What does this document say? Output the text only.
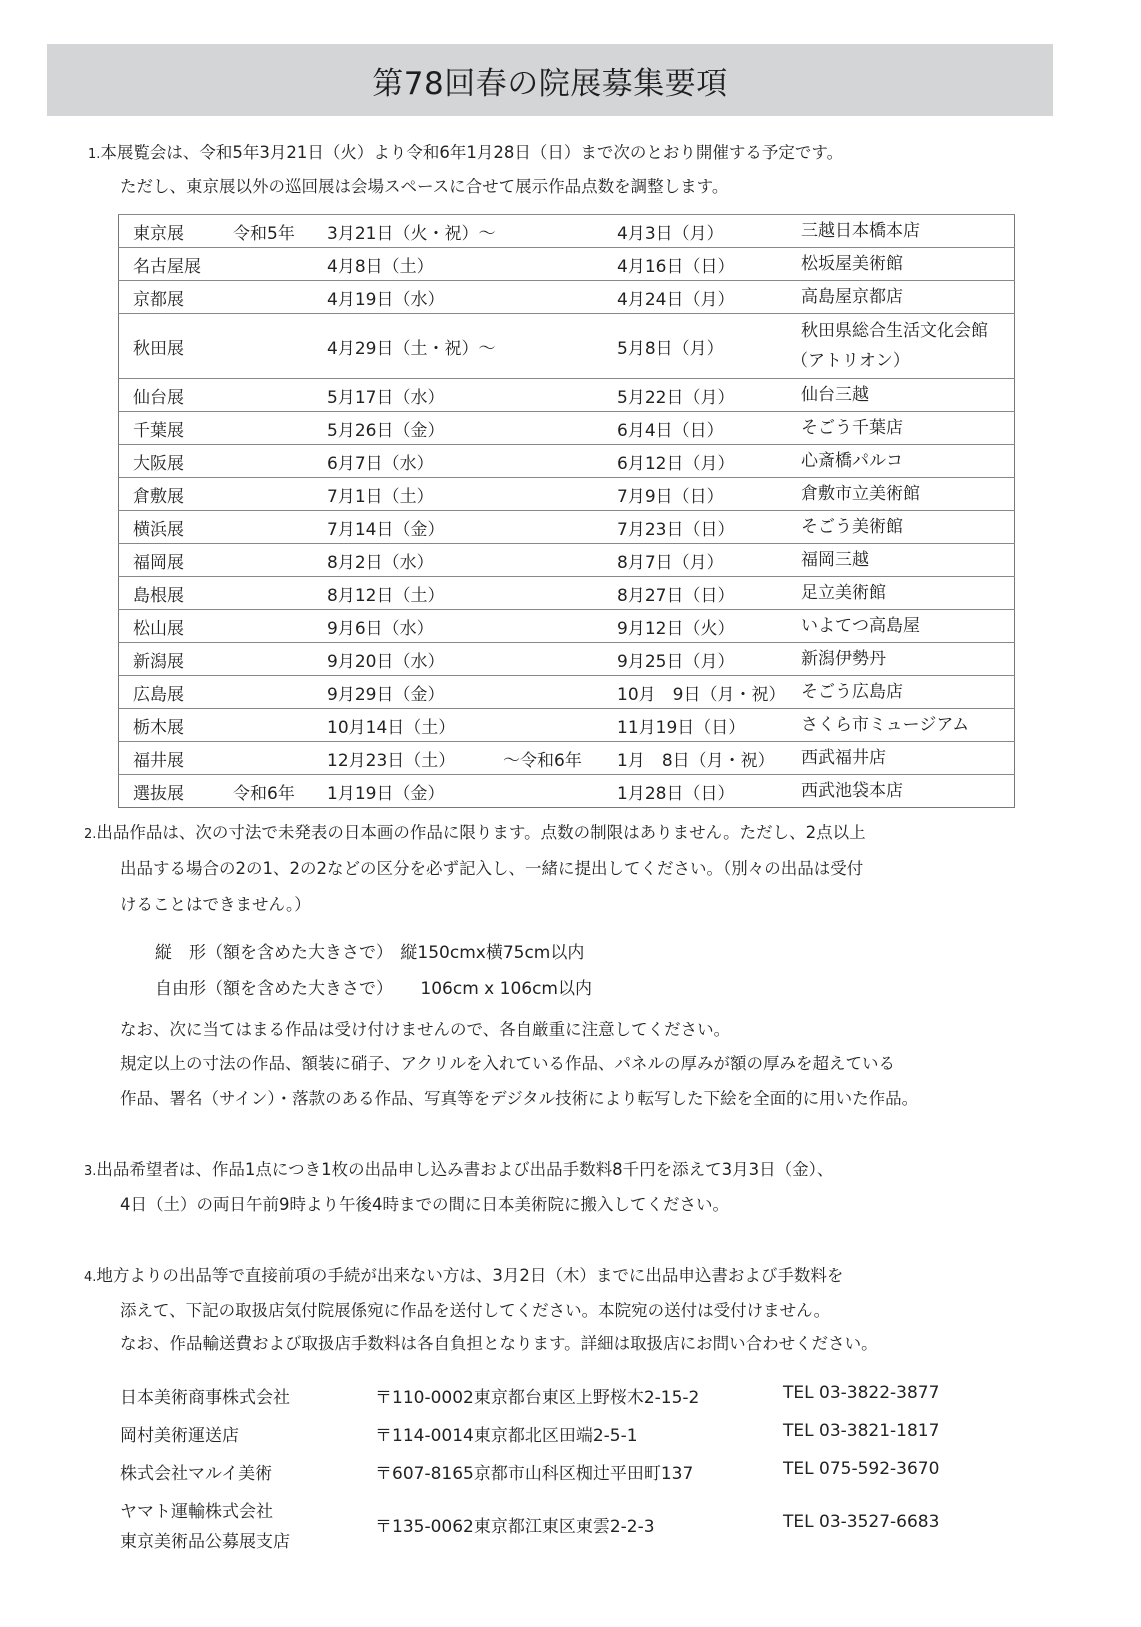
第78回春の院展募集要項
1.本展覧会は、令和5年3月21日（火）より令和6年1月28日（日）まで次のとおり開催する予定です。
ただし、東京展以外の巡回展は会場スペースに合せて展示作品点数を調整します。
東京展	令和5年	3月21日（火・祝）〜		4月3日（月）	三越日本橋本店

名古屋展		4月8日（土）		4月16日（日）	松坂屋美術館

京都展		4月19日（水）		4月24日（月）	高島屋京都店

秋田展		4月29日（土・祝）〜		5月8日（月）	秋田県総合生活文化会館
（アトリオン）

仙台展		5月17日（水）		5月22日（月）	仙台三越

千葉展		5月26日（金）		6月4日（日）	そごう千葉店

大阪展		6月7日（水）		6月12日（月）	心斎橋パルコ

倉敷展		7月1日（土）		7月9日（日）	倉敷市立美術館

横浜展		7月14日（金）		7月23日（日）	そごう美術館

福岡展		8月2日（水）		8月7日（月）	福岡三越

島根展		8月12日（土）		8月27日（日）	足立美術館

松山展		9月6日（水）		9月12日（火）	いよてつ高島屋

新潟展		9月20日（水）		9月25日（月）	新潟伊勢丹

広島展		9月29日（金）		10月　9日（月・祝）	そごう広島店

栃木展		10月14日（土）		11月19日（日）	さくら市ミュージアム

福井展		12月23日（土）	〜令和6年	1月　8日（月・祝）	西武福井店

選抜展	令和6年	1月19日（金）		1月28日（日）	西武池袋本店
2.出品作品は、次の寸法で未発表の日本画の作品に限ります。点数の制限はありません。ただし、2点以上
出品する場合の2の1、2の2などの区分を必ず記入し、一緒に提出してください。（別々の出品は受付
けることはできません。）
縦　形（額を含めた大きさで） 縦150cmx横75cm以内
自由形（額を含めた大きさで） 106cm x 106cm以内
なお、次に当てはまる作品は受け付けませんので、各自厳重に注意してください。
規定以上の寸法の作品、額装に硝子、アクリルを入れている作品、パネルの厚みが額の厚みを超えている
作品、署名（サイン）・落款のある作品、写真等をデジタル技術により転写した下絵を全面的に用いた作品。
3.出品希望者は、作品1点につき1枚の出品申し込み書および出品手数料8千円を添えて3月3日（金）、
4日（土）の両日午前9時より午後4時までの間に日本美術院に搬入してください。
4.地方よりの出品等で直接前項の手続が出来ない方は、3月2日（木）までに出品申込書および手数料を
添えて、下記の取扱店気付院展係宛に作品を送付してください。本院宛の送付は受付けません。
なお、作品輸送費および取扱店手数料は各自負担となります。詳細は取扱店にお問い合わせください。
日本美術商事株式会社	〒110-0002東京都台東区上野桜木2-15-2	TEL 03-3822-3877
岡村美術運送店	〒114-0014東京都北区田端2-5-1	TEL 03-3821-1817
株式会社マルイ美術	〒607-8165京都市山科区椥辻平田町137	TEL 075-592-3670
ヤマト運輸株式会社
東京美術品公募展支店
〒135-0062東京都江東区東雲2-2-3	TEL 03-3527-6683
